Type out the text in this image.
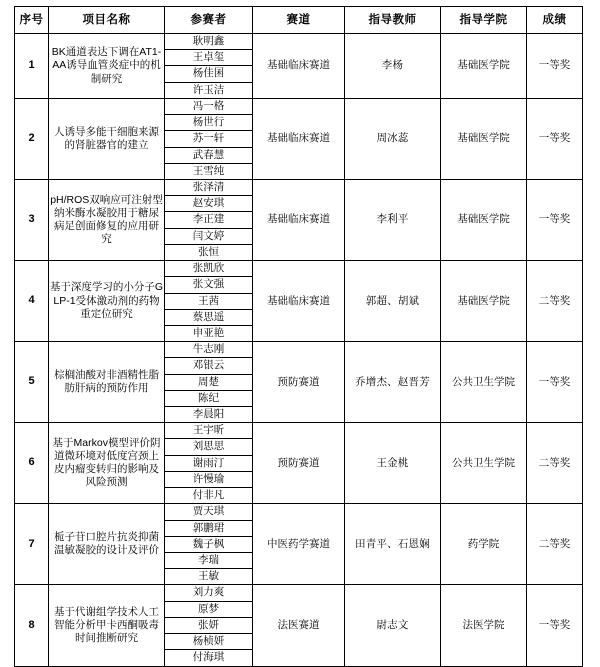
序号	项目名称	参赛者	赛道	指导教师	指导学院	成绩
1	BK通道表达下调在AT1-AA诱导血管炎症中的机制研究	耿明鑫
王卓玺
杨佳囷
许玉洁	基础临床赛道	李杨	基础医学院	一等奖
2	人诱导多能干细胞来源的肾脏器官的建立	冯一格
杨世行
苏一轩
武春慧
王雪纯	基础临床赛道	周冰蕊	基础医学院	一等奖
3	pH/ROS双响应可注射型纳米酶水凝胶用于糖尿病足创面修复的应用研究	张泽清
赵安琪
李正建
闫文婷
张恒	基础临床赛道	李利平	基础医学院	一等奖
4	基于深度学习的小分子GLP-1受体激动剂的药物重定位研究	张凯欣
张文强
王茜
蔡思遥
申亚艳	基础临床赛道	郭超、胡斌	基础医学院	二等奖
5	棕榈油酸对非酒精性脂肪肝病的预防作用	牛志刚
邓银云
周楚
陈纪
李晨阳	预防赛道	乔增杰、赵晋芳	公共卫生学院	一等奖
6	基于Markov模型评价阴道微环境对低度宫颈上皮内瘤变转归的影响及风险预测	王宇昕
刘思思
谢雨汀
许慢瑜
付非凡	预防赛道	王金桃	公共卫生学院	二等奖
7	栀子苷口腔片抗炎抑菌温敏凝胶的设计及评价	贾天琪
郭鹏珺
魏子枫
李瑞
王敏	中医药学赛道	田青平、石恩娴	药学院	二等奖
8	基于代谢组学技术人工智能分析甲卡西酮吸毒时间推断研究	刘力爽
原梦
张妍
杨桢妍
付海琪	法医赛道	尉志文	法医学院	一等奖
